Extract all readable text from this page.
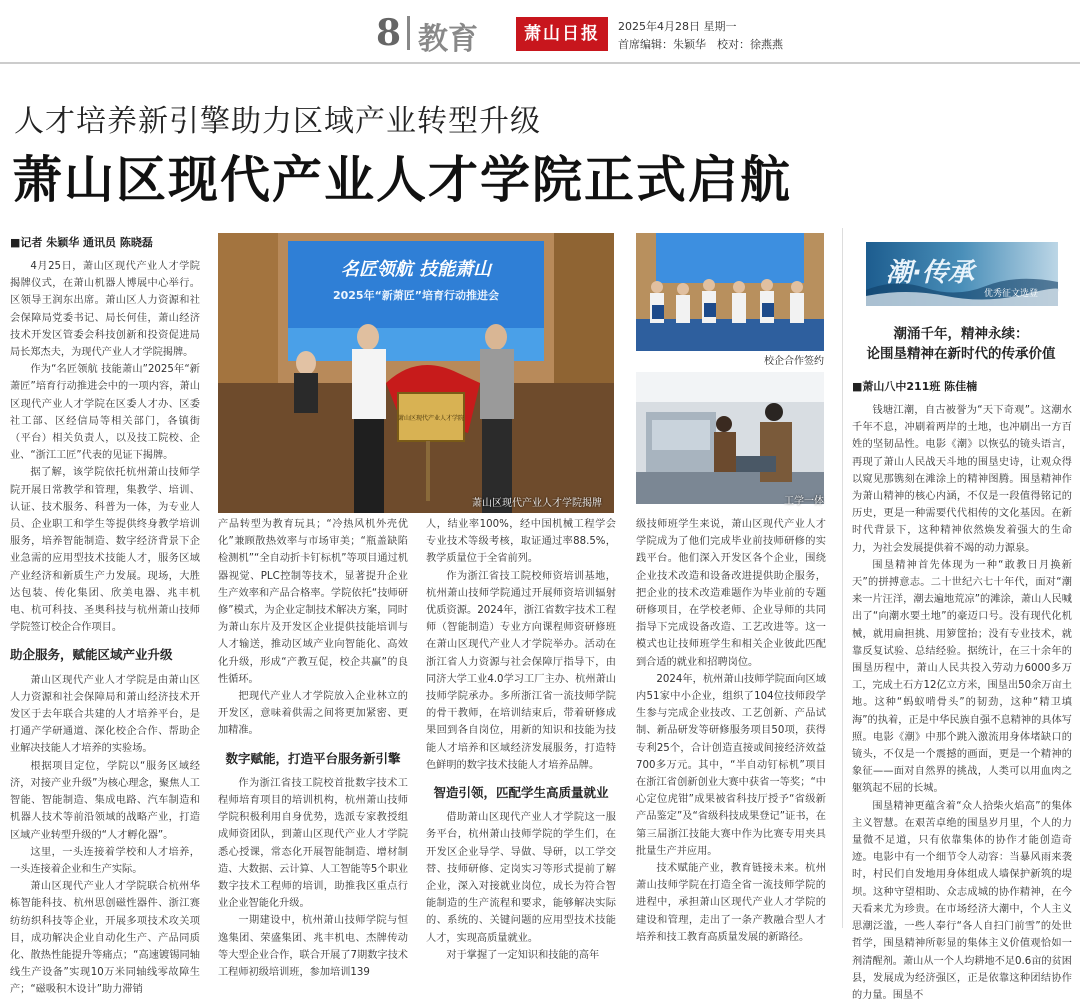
8 教育	萧山日报	2025年4月28日 星期一
首席编辑：朱颖华　校对：徐燕燕
人才培养新引擎助力区域产业转型升级
萧山区现代产业人才学院正式启航
■记者 朱颖华 通讯员 陈晓磊

4月25日，萧山区现代产业人才学院揭牌仪式，在萧山机器人博展中心举行。区领导王润东出席。萧山区人力资源和社会保障局党委书记、局长何佳，萧山经济技术开发区管委会科技创新和投资促进局局长郑杰夫，为现代产业人才学院揭牌。

作为“名匠领航 技能萧山”2025年“新萧匠”培育行动推进会中的一项内容，萧山区现代产业人才学院在区委人才办、区委社工部、区经信局等相关部门，各镇街（平台）相关负责人，以及技工院校、企业、“浙江工匠”代表的见证下揭牌。

据了解，该学院依托杭州萧山技师学院开展日常教学和管理，集教学、培训、认证、技术服务、科普为一体，为专业人员、企业职工和学生等提供终身教学培训服务，培养智能制造、数字经济背景下企业急需的应用型技术技能人才，服务区域产业经济和新质生产力发展。现场，大胜达包装、传化集团、欣美电器、兆丰机电、杭可科技、圣奥科技与杭州萧山技师学院签订校企合作项目。

助企服务，赋能区域产业升级

萧山区现代产业人才学院是由萧山区人力资源和社会保障局和萧山经济技术开发区于去年联合共建的人才培养平台，是打通产学研通道、深化校企合作、帮助企业解决技能人才培养的实验场。

根据项目定位，学院以“服务区域经济，对接产业升级”为核心理念，聚焦人工智能、智能制造、集成电路、汽车制造和机器人技术等前沿领域的战略产业，打造区域产业转型升级的“人才孵化器”。

这里，一头连接着学校和人才培养，一头连接着企业和生产实际。

萧山区现代产业人才学院联合杭州华栋智能科技、杭州思创磁性器件、浙江赛纺纺织科技等企业，开展多项技术攻关项目，成功解决企业自动化生产、产品同质化、散热性能提升等痛点；“高速镀锡同轴线生产设备”实现10万米同轴线零故障生产；“磁吸积木设计”助力滞销

名匠领航 技能萧山
2025年“新萧匠”培育行动推进会
萧山区现代产业人才学院
萧山区现代产业人才学院揭牌

产品转型为教育玩具；“冷热风机外壳优化”兼顾散热效率与市场审美；“瓶盖缺陷检测机”“全自动折卡钉标机”等项目通过机器视觉、PLC控制等技术，显著提升企业生产效率和产品合格率。学院依托“技师研修”模式，为企业定制技术解决方案，同时为萧山东片及开发区企业提供技能培训与人才输送，推动区域产业向智能化、高效化升级，形成“产教互促，校企共赢”的良性循环。

把现代产业人才学院放入企业林立的开发区，意味着供需之间将更加紧密、更加精准。

数字赋能，打造平台服务新引擎

作为浙江省技工院校首批数字技术工程师培育项目的培训机构，杭州萧山技师学院积极利用自身优势，选派专家教授组成师资团队，到萧山区现代产业人才学院悉心授课，常态化开展智能制造、增材制造、大数据、云计算、人工智能等5个职业数字技术工程师的培训，助推我区重点行业企业智能化升级。

一期建设中，杭州萧山技师学院与恒逸集团、荣盛集团、兆丰机电、杰牌传动等大型企业合作，联合开展了7期数字技术工程师初级培训班，参加培训139

人，结业率100%，经中国机械工程学会专业技术等级考核，取证通过率88.5%，教学质量位于全省前列。

作为浙江省技工院校师资培训基地，杭州萧山技师学院通过开展师资培训辐射优质资源。2024年，浙江省数字技术工程师（智能制造）专业方向课程师资研修班在萧山区现代产业人才学院举办。活动在浙江省人力资源与社会保障厅指导下，由同济大学工业4.0学习工厂主办、杭州萧山技师学院承办。多所浙江省一流技师学院的骨干教师，在培训结束后，带着研修成果回到各自岗位，用新的知识和技能为技能人才培养和区域经济发展服务，打造特色鲜明的数字技术技能人才培养品牌。

智造引领，匹配学生高质量就业

借助萧山区现代产业人才学院这一服务平台，杭州萧山技师学院的学生们，在开发区企业导学、导做、导研，以工学交替、技师研修、定岗实习等形式提前了解企业，深入对接就业岗位，成长为符合智能制造的生产流程和要求，能够解决实际的、系统的、关键问题的应用型技术技能人才，实现高质量就业。

对于掌握了一定知识和技能的高年

校企合作签约
工学一体

级技师班学生来说，萧山区现代产业人才学院成为了他们完成毕业前技师研修的实践平台。他们深入开发区各个企业，围绕企业技术改造和设备改进提供助企服务，把企业的技术改造难题作为毕业前的专题研修项目，在学校老师、企业导师的共同指导下完成设备改造、工艺改进等。这一模式也让技师班学生和相关企业彼此匹配到合适的就业和招聘岗位。

2024年，杭州萧山技师学院面向区域内51家中小企业，组织了104位技师段学生参与完成企业技改、工艺创新、产品试制、新品研发等研修服务项目50项，获得专利25个，合计创造直接或间接经济效益700多万元。其中，“半自动钉标机”项目在浙江省创新创业大赛中获省一等奖；“中心定位虎钳”成果被省科技厅授予“省级新产品鉴定”及“省级科技成果登记”证书，在第三届浙江技能大赛中作为比赛专用夹具批量生产并应用。

技术赋能产业，教育链接未来。杭州萧山技师学院在打造全省一流技师学院的进程中，承担萧山区现代产业人才学院的建设和管理，走出了一条产教融合型人才培养和技工教育高质量发展的新路径。

潮·传承
优秀征文选登
潮涌千年，精神永续：
论围垦精神在新时代的传承价值
■萧山八中211班 陈佳楠

钱塘江潮，自古被誉为“天下奇观”。这潮水千年不息，冲刷着两岸的土地，也冲刷出一方百姓的坚韧品性。电影《潮》以恢弘的镜头语言，再现了萧山人民战天斗地的围垦史诗，让观众得以窥见那镌刻在滩涂上的精神图腾。围垦精神作为萧山精神的核心内涵，不仅是一段值得铭记的历史，更是一种需要代代相传的文化基因。在新时代背景下，这种精神依然焕发着强大的生命力，为社会发展提供着不竭的动力源泉。

围垦精神首先体现为一种“敢教日月换新天”的拼搏意志。二十世纪六七十年代，面对“潮来一片汪洋，潮去遍地荒凉”的滩涂，萧山人民喊出了“向潮水要土地”的豪迈口号。没有现代化机械，就用扁担挑、用箩筐抬；没有专业技术，就靠反复试验、总结经验。据统计，在三十余年的围垦历程中，萧山人民共投入劳动力6000多万工，完成土石方12亿立方米，围垦出50余万亩土地。这种“蚂蚁啃骨头”的韧劲，这种“精卫填海”的执着，正是中华民族自强不息精神的具体写照。电影《潮》中那个跳入激流用身体堵缺口的镜头，不仅是一个震撼的画面，更是一个精神的象征——面对自然界的挑战，人类可以用血肉之躯筑起不屈的长城。

围垦精神更蕴含着“众人拾柴火焰高”的集体主义智慧。在艰苦卓绝的围垦岁月里，个人的力量微不足道，只有依靠集体的协作才能创造奇迹。电影中有一个细节令人动容：当暴风雨来袭时，村民们自发地用身体组成人墙保护新筑的堤坝。这种守望相助、众志成城的协作精神，在今天看来尤为珍贵。在市场经济大潮中，个人主义思潮泛滥，一些人奉行“各人自扫门前雪”的处世哲学，围垦精神所彰显的集体主义价值观恰如一剂清醒剂。萧山从一个人均耕地不足0.6亩的贫困县，发展成为经济强区，正是依靠这种团结协作的力量。围垦不
